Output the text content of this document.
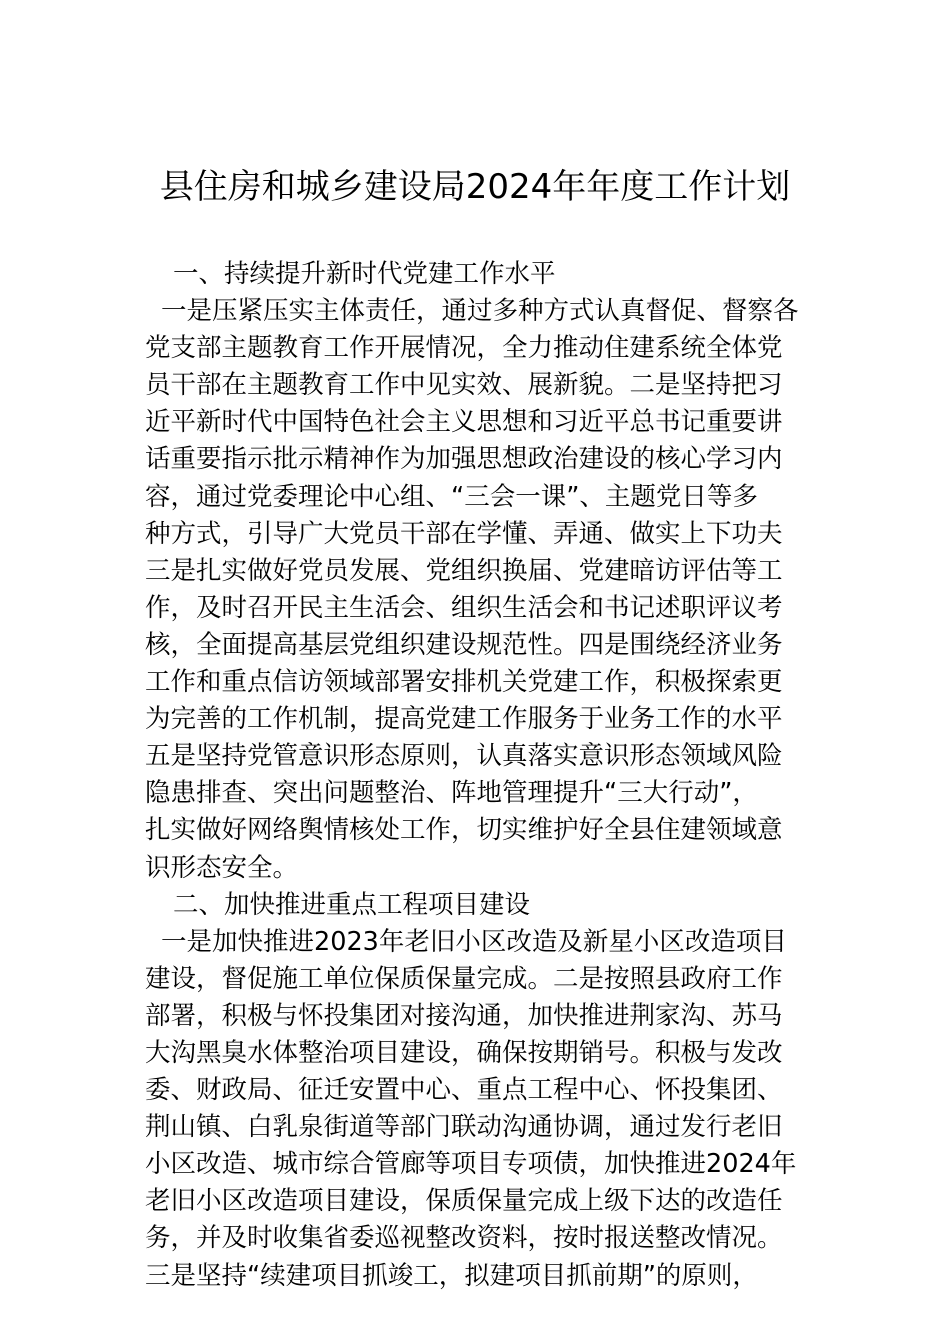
县住房和城乡建设局2024年年度工作计划
一、持续提升新时代党建工作水平
一是压紧压实主体责任，通过多种方式认真督促、督察各
党支部主题教育工作开展情况，全力推动住建系统全体党
员干部在主题教育工作中见实效、展新貌。二是坚持把习
近平新时代中国特色社会主义思想和习近平总书记重要讲
话重要指示批示精神作为加强思想政治建设的核心学习内
容，通过党委理论中心组、“三会一课”、主题党日等多
种方式，引导广大党员干部在学懂、弄通、做实上下功夫
三是扎实做好党员发展、党组织换届、党建暗访评估等工
作，及时召开民主生活会、组织生活会和书记述职评议考
核，全面提高基层党组织建设规范性。四是围绕经济业务
工作和重点信访领域部署安排机关党建工作，积极探索更
为完善的工作机制，提高党建工作服务于业务工作的水平
五是坚持党管意识形态原则，认真落实意识形态领域风险
隐患排查、突出问题整治、阵地管理提升“三大行动”，
扎实做好网络舆情核处工作，切实维护好全县住建领域意
识形态安全。
二、加快推进重点工程项目建设
一是加快推进2023年老旧小区改造及新星小区改造项目
建设，督促施工单位保质保量完成。二是按照县政府工作
部署，积极与怀投集团对接沟通，加快推进荆家沟、苏马
大沟黑臭水体整治项目建设，确保按期销号。积极与发改
委、财政局、征迁安置中心、重点工程中心、怀投集团、
荆山镇、白乳泉街道等部门联动沟通协调，通过发行老旧
小区改造、城市综合管廊等项目专项债，加快推进2024年
老旧小区改造项目建设，保质保量完成上级下达的改造任
务，并及时收集省委巡视整改资料，按时报送整改情况。
三是坚持“续建项目抓竣工，拟建项目抓前期”的原则，
